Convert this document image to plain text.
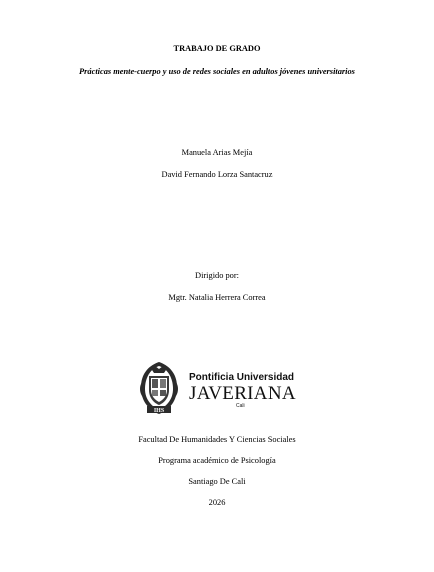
TRABAJO DE GRADO
Prácticas mente-cuerpo y uso de redes sociales en adultos jóvenes universitarios
Manuela Arias Mejía
David Fernando Lorza Santacruz
Dirigido por:
Mgtr. Natalia Herrera Correa
IHS
Pontificia Universidad
JAVERIANA
Cali
Facultad De Humanidades Y Ciencias Sociales
Programa académico de Psicología
Santiago De Cali
2026
